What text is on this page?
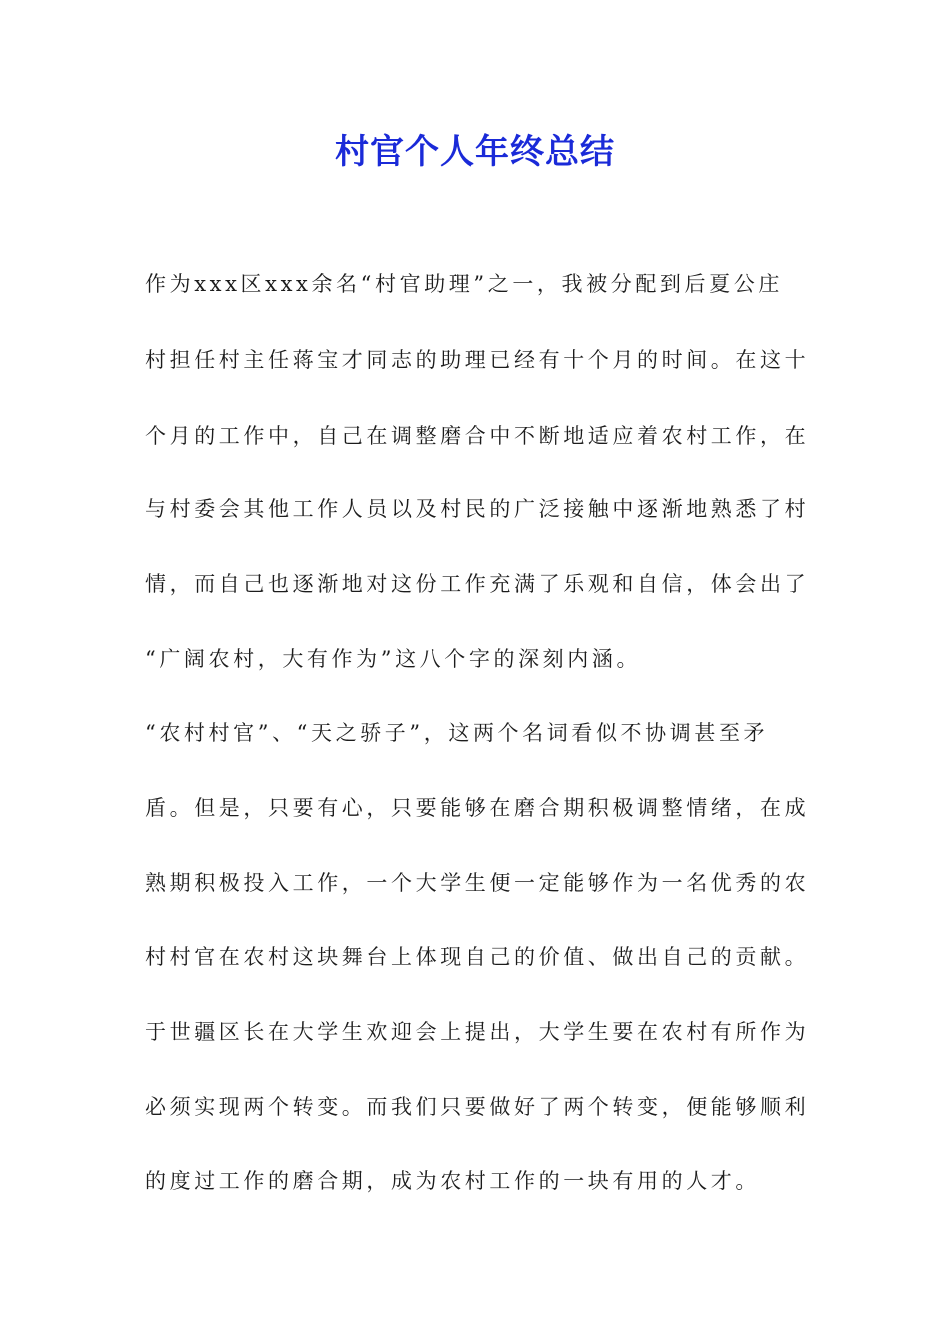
村官个人年终总结
作为xxx区xxx余名“村官助理”之一，我被分配到后夏公庄
村担任村主任蒋宝才同志的助理已经有十个月的时间。在这十
个月的工作中，自己在调整磨合中不断地适应着农村工作，在
与村委会其他工作人员以及村民的广泛接触中逐渐地熟悉了村
情，而自己也逐渐地对这份工作充满了乐观和自信，体会出了
“广阔农村，大有作为”这八个字的深刻内涵。
“农村村官”、“天之骄子”，这两个名词看似不协调甚至矛
盾。但是，只要有心，只要能够在磨合期积极调整情绪，在成
熟期积极投入工作，一个大学生便一定能够作为一名优秀的农
村村官在农村这块舞台上体现自己的价值、做出自己的贡献。
于世疆区长在大学生欢迎会上提出，大学生要在农村有所作为
必须实现两个转变。而我们只要做好了两个转变，便能够顺利
的度过工作的磨合期，成为农村工作的一块有用的人才。
